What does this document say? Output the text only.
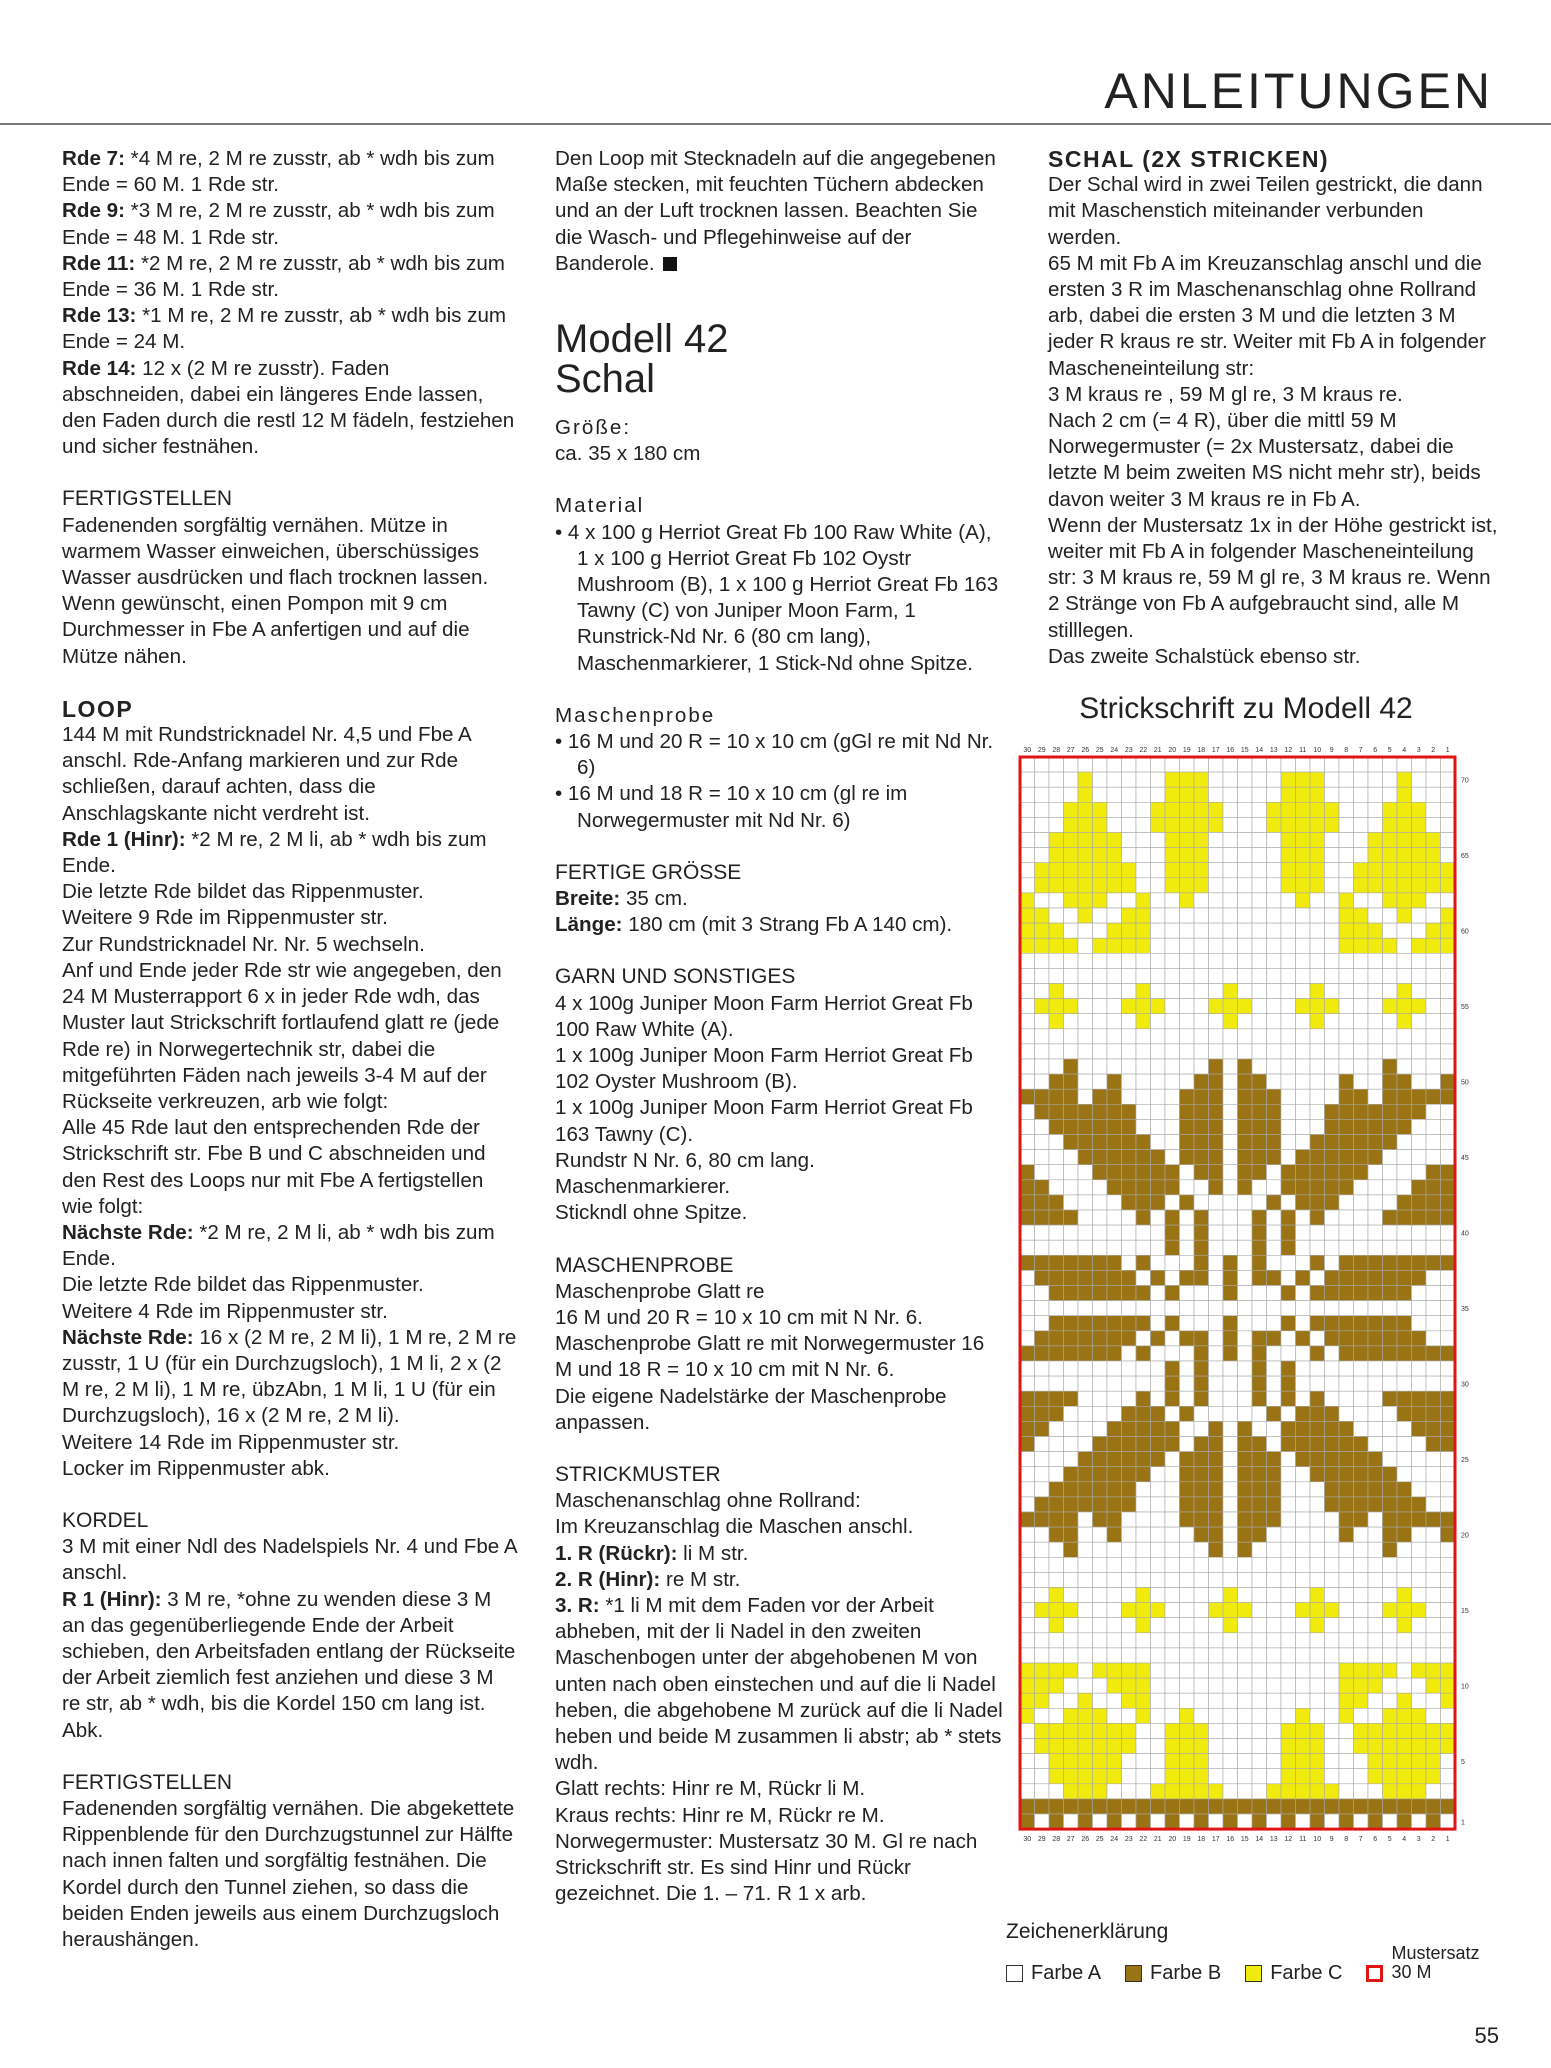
ANLEITUNGEN

Rde 7: *4 M re, 2 M re zusstr, ab * wdh bis zum Ende = 60 M. 1 Rde str.

Rde 9: *3 M re, 2 M re zusstr, ab * wdh bis zum Ende = 48 M. 1 Rde str.

Rde 11: *2 M re, 2 M re zusstr, ab * wdh bis zum Ende = 36 M. 1 Rde str.

Rde 13: *1 M re, 2 M re zusstr, ab * wdh bis zum Ende = 24 M.

Rde 14: 12 x (2 M re zusstr). Faden abschneiden, dabei ein längeres Ende lassen, den Faden durch die restl 12 M fädeln, festziehen und sicher festnähen.

FERTIGSTELLEN

Fadenenden sorgfältig vernähen. Mütze in warmem Wasser einweichen, überschüssiges Wasser ausdrücken und flach trocknen lassen. Wenn gewünscht, einen Pompon mit 9 cm Durchmesser in Fbe A anfertigen und auf die Mütze nähen.

LOOP

144 M mit Rundstricknadel Nr. 4,5 und Fbe A anschl. Rde-Anfang markieren und zur Rde schließen, darauf achten, dass die Anschlagskante nicht verdreht ist.

Rde 1 (Hinr): *2 M re, 2 M li, ab * wdh bis zum Ende.

Die letzte Rde bildet das Rippenmuster.

Weitere 9 Rde im Rippenmuster str.

Zur Rundstricknadel Nr. Nr. 5 wechseln.

Anf und Ende jeder Rde str wie angegeben, den 24 M Musterrapport 6 x in jeder Rde wdh, das Muster laut Strickschrift fortlaufend glatt re (jede Rde re) in Norwegertechnik str, dabei die mitgeführten Fäden nach jeweils 3-4 M auf der Rückseite verkreuzen, arb wie folgt:

Alle 45 Rde laut den entsprechenden Rde der Strickschrift str. Fbe B und C abschneiden und den Rest des Loops nur mit Fbe A fertigstellen wie folgt:

Nächste Rde: *2 M re, 2 M li, ab * wdh bis zum Ende.

Die letzte Rde bildet das Rippenmuster.

Weitere 4 Rde im Rippenmuster str.

Nächste Rde: 16 x (2 M re, 2 M li), 1 M re, 2 M re zusstr, 1 U (für ein Durchzugsloch), 1 M li, 2 x (2 M re, 2 M li), 1 M re, übzAbn, 1 M li, 1 U (für ein Durchzugsloch), 16 x (2 M re, 2 M li).

Weitere 14 Rde im Rippenmuster str.

Locker im Rippenmuster abk.

KORDEL

3 M mit einer Ndl des Nadelspiels Nr. 4 und Fbe A anschl.

R 1 (Hinr): 3 M re, *ohne zu wenden diese 3 M an das gegenüberliegende Ende der Arbeit schieben, den Arbeitsfaden entlang der Rückseite der Arbeit ziemlich fest anziehen und diese 3 M re str, ab * wdh, bis die Kordel 150 cm lang ist. Abk.

FERTIGSTELLEN

Fadenenden sorgfältig vernähen. Die abgekettete Rippenblende für den Durchzugstunnel zur Hälfte nach innen falten und sorgfältig festnähen. Die Kordel durch den Tunnel ziehen, so dass die beiden Enden jeweils aus einem Durchzugsloch heraushängen.

Den Loop mit Stecknadeln auf die angegebenen Maße stecken, mit feuchten Tüchern abdecken und an der Luft trocknen lassen. Beachten Sie die Wasch- und Pflegehinweise auf der Banderole.

Modell 42
Schal

Größe:

ca. 35 x 180 cm

Material

• 4 x 100 g Herriot Great Fb 100 Raw White (A), 1 x 100 g Herriot Great Fb 102 Oystr Mushroom (B), 1 x 100 g Herriot Great Fb 163 Tawny (C) von Juniper Moon Farm, 1 Runstrick-Nd Nr. 6 (80 cm lang), Maschenmarkierer, 1 Stick-Nd ohne Spitze.

Maschenprobe

• 16 M und 20 R = 10 x 10 cm (gGl re mit Nd Nr. 6)

• 16 M und 18 R = 10 x 10 cm (gl re im Norwegermuster mit Nd Nr. 6)

FERTIGE GRÖSSE

Breite: 35 cm.

Länge: 180 cm (mit 3 Strang Fb A 140 cm).

GARN UND SONSTIGES

4 x 100g Juniper Moon Farm Herriot Great Fb 100 Raw White (A).

1 x 100g Juniper Moon Farm Herriot Great Fb 102 Oyster Mushroom (B).

1 x 100g Juniper Moon Farm Herriot Great Fb 163 Tawny (C).

Rundstr N Nr. 6, 80 cm lang.

Maschenmarkierer.

Stickndl ohne Spitze.

MASCHENPROBE

Maschenprobe Glatt re

16 M und 20 R = 10 x 10 cm mit N Nr. 6.

Maschenprobe Glatt re mit Norwegermuster 16 M und 18 R = 10 x 10 cm mit N Nr. 6.

Die eigene Nadelstärke der Maschenprobe anpassen.

STRICKMUSTER

Maschenanschlag ohne Rollrand:

Im Kreuzanschlag die Maschen anschl.

1. R (Rückr): li M str.

2. R (Hinr): re M str.

3. R: *1 li M mit dem Faden vor der Arbeit abheben, mit der li Nadel in den zweiten Maschenbogen unter der abgehobenen M von unten nach oben einstechen und auf die li Nadel heben, die abgehobene M zurück auf die li Nadel heben und beide M zusammen li abstr; ab * stets wdh.

Glatt rechts: Hinr re M, Rückr li M.

Kraus rechts: Hinr re M, Rückr re M.

Norwegermuster: Mustersatz 30 M. Gl re nach Strickschrift str. Es sind Hinr und Rückr gezeichnet. Die 1. – 71. R 1 x arb.

SCHAL (2X STRICKEN)

Der Schal wird in zwei Teilen gestrickt, die dann mit Maschenstich miteinander verbunden werden.

65 M mit Fb A im Kreuzanschlag anschl und die ersten 3 R im Maschenanschlag ohne Rollrand arb, dabei die ersten 3 M und die letzten 3 M jeder R kraus re str. Weiter mit Fb A in folgender Mascheneinteilung str:

3 M kraus re , 59 M gl re, 3 M kraus re.

Nach 2 cm (= 4 R), über die mittl 59 M Norwegermuster (= 2x Mustersatz, dabei die letzte M beim zweiten MS nicht mehr str), beids davon weiter 3 M kraus re in Fb A.

Wenn der Mustersatz 1x in der Höhe gestrickt ist, weiter mit Fb A in folgender Mascheneinteilung str: 3 M kraus re, 59 M gl re, 3 M kraus re. Wenn 2 Stränge von Fb A aufgebraucht sind, alle M stilllegen.

Das zweite Schalstück ebenso str.

Strickschrift zu Modell 42
30
30
29
29
28
28
27
27
26
26
25
25
24
24
23
23
22
22
21
21
20
20
19
19
18
18
17
17
16
16
15
15
14
14
13
13
12
12
11
11
10
10
9
9
8
8
7
7
6
6
5
5
4
4
3
3
2
2
1
1
1
5
10
15
20
25
30
35
40
45
50
55
60
65
70
Zeichenerklärung
Farbe A Farbe B Farbe C
Mustersatz
30 M
55
